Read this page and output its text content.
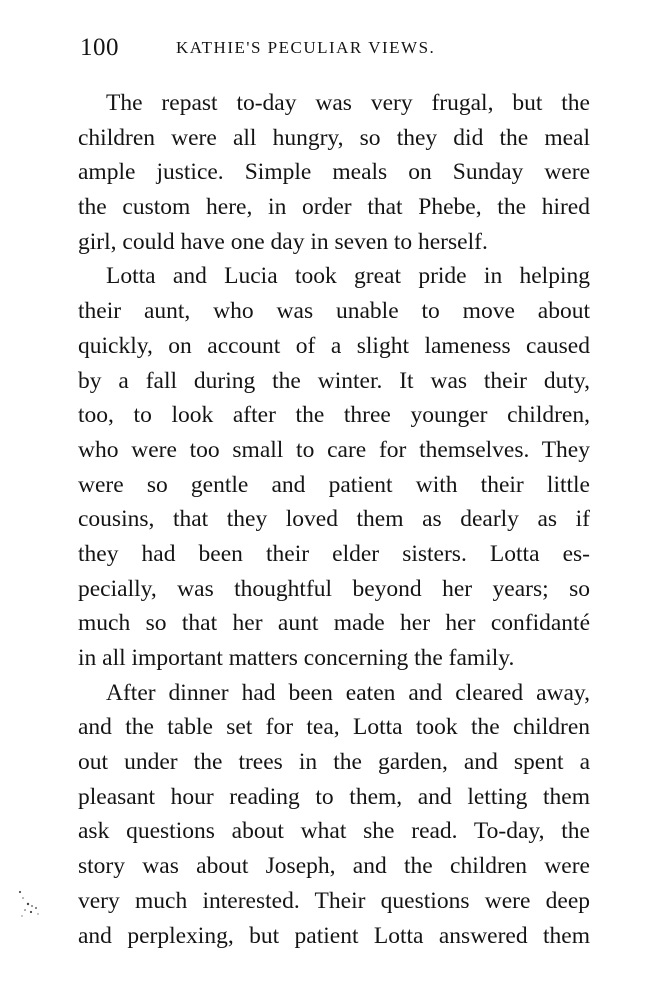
100	KATHIE'S PECULIAR VIEWS.
The repast to-day was very frugal, but the
children were all hungry, so they did the meal
ample justice. Simple meals on Sunday were
the custom here, in order that Phebe, the hired
girl, could have one day in seven to herself.
Lotta and Lucia took great pride in helping
their aunt, who was unable to move about
quickly, on account of a slight lameness caused
by a fall during the winter. It was their duty,
too, to look after the three younger children,
who were too small to care for themselves. They
were so gentle and patient with their little
cousins, that they loved them as dearly as if
they had been their elder sisters. Lotta es-
pecially, was thoughtful beyond her years; so
much so that her aunt made her her confidanté
in all important matters concerning the family.
After dinner had been eaten and cleared away,
and the table set for tea, Lotta took the children
out under the trees in the garden, and spent a
pleasant hour reading to them, and letting them
ask questions about what she read. To-day, the
story was about Joseph, and the children were
very much interested. Their questions were deep
and perplexing, but patient Lotta answered them
